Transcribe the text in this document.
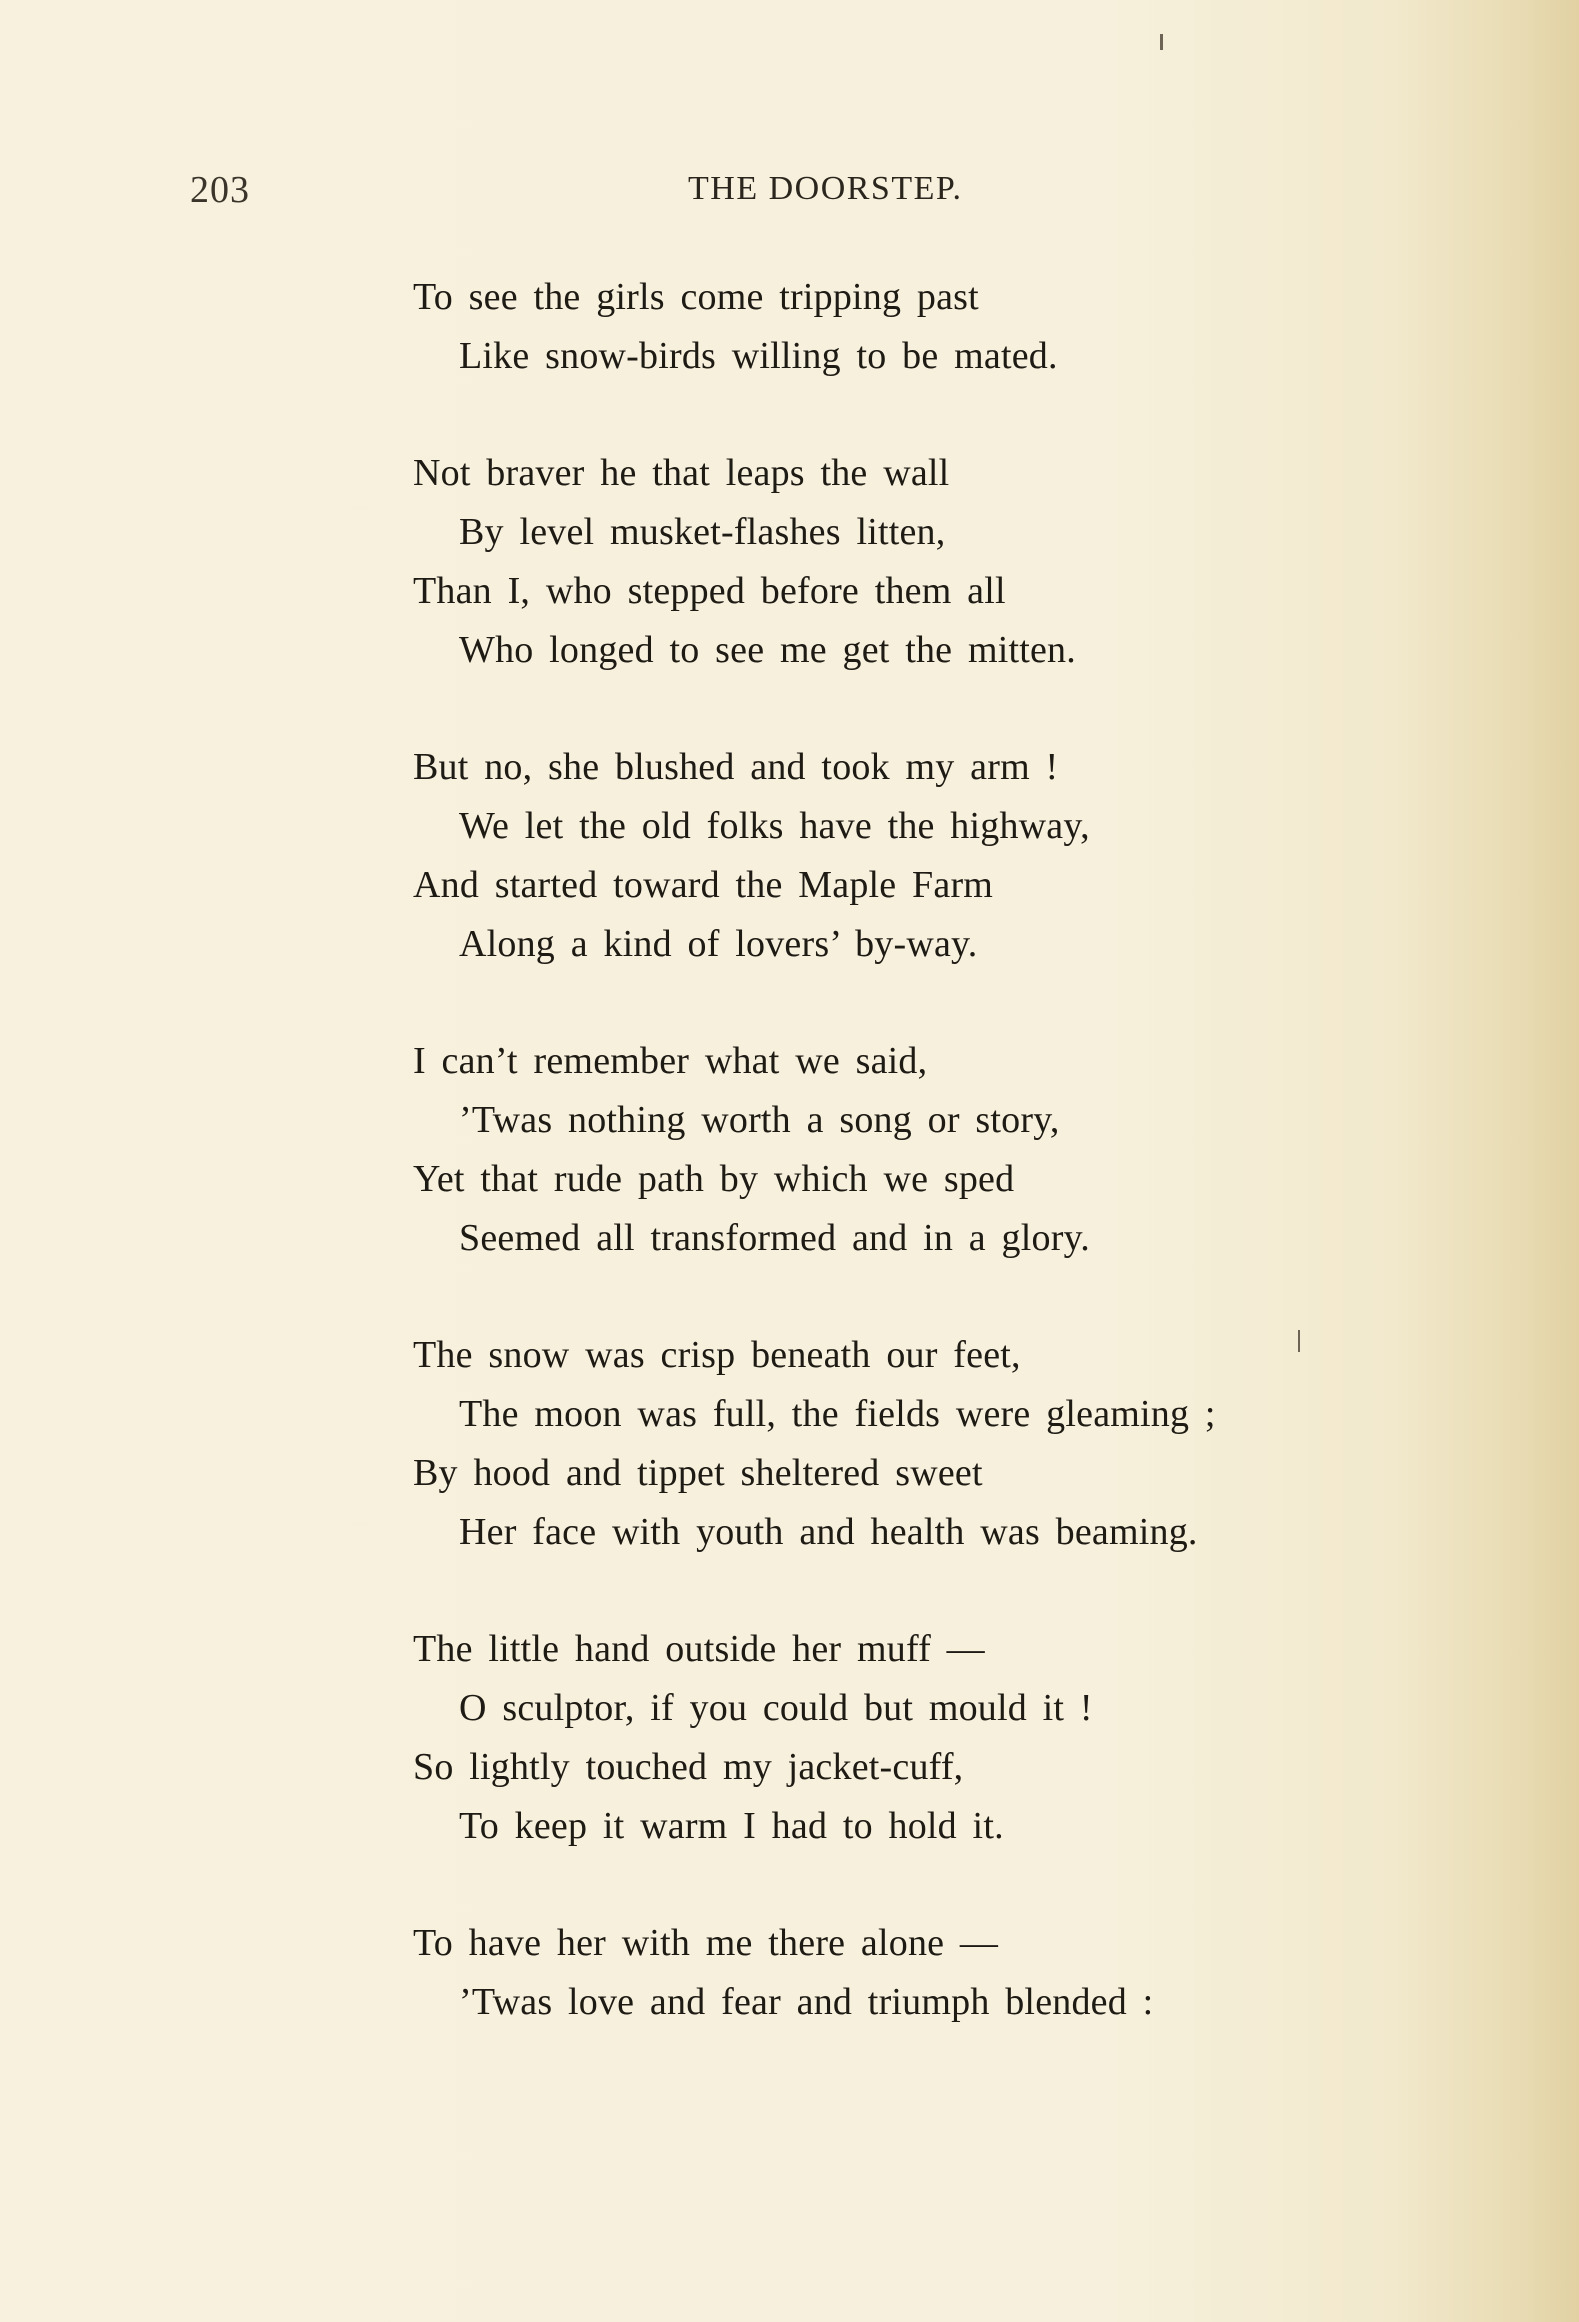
203	THE DOORSTEP.
To see the girls come tripping past
Like snow-birds willing to be mated.
Not braver he that leaps the wall
By level musket-flashes litten,
Than I, who stepped before them all
Who longed to see me get the mitten.
But no, she blushed and took my arm !
We let the old folks have the highway,
And started toward the Maple Farm
Along a kind of lovers’ by-way.
I can’t remember what we said,
’Twas nothing worth a song or story,
Yet that rude path by which we sped
Seemed all transformed and in a glory.
The snow was crisp beneath our feet,
The moon was full, the fields were gleaming ;
By hood and tippet sheltered sweet
Her face with youth and health was beaming.
The little hand outside her muff —
O sculptor, if you could but mould it !
So lightly touched my jacket-cuff,
To keep it warm I had to hold it.
To have her with me there alone —
’Twas love and fear and triumph blended :
